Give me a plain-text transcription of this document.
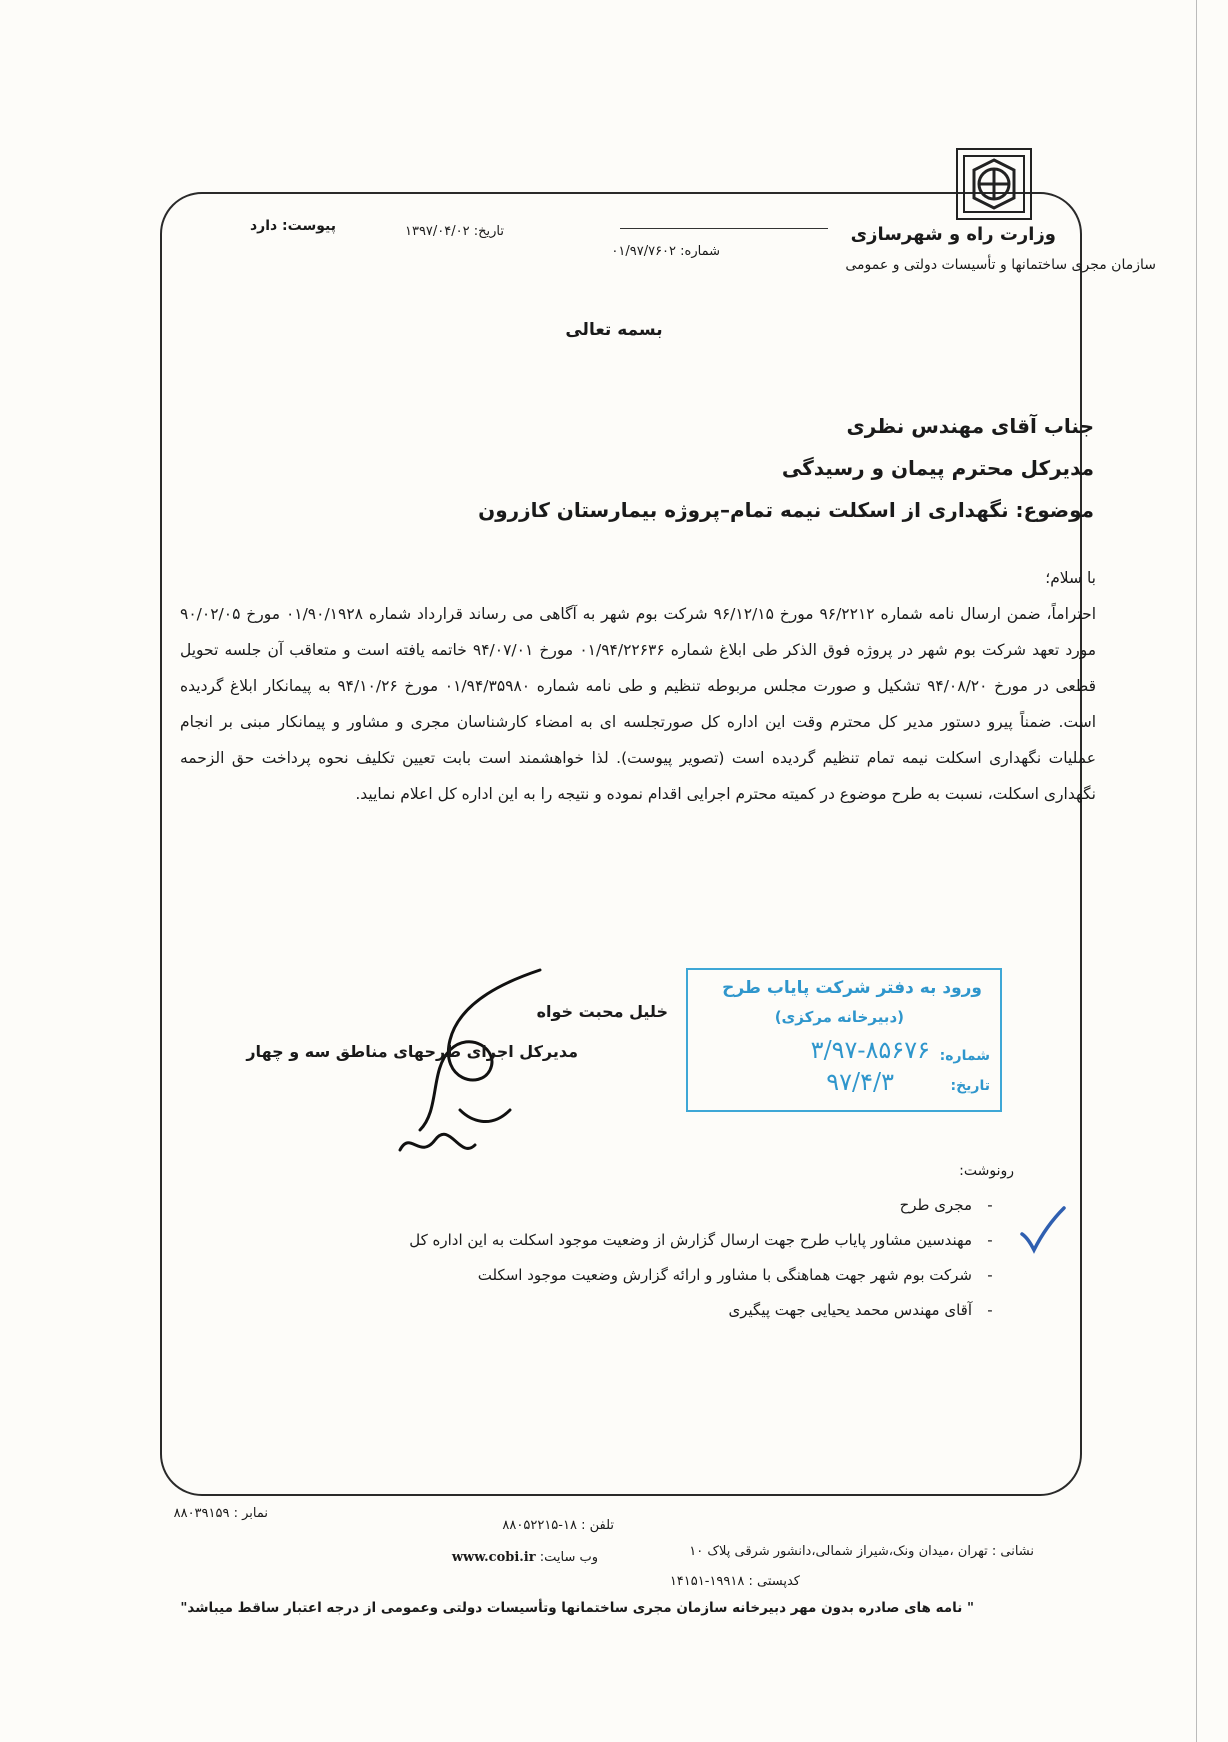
وزارت راه و شهرسازی
سازمان مجری ساختمانها و تأسیسات دولتی و عمومی
شماره: ۰۱/۹۷/۷۶۰۲
تاریخ: ۱۳۹۷/۰۴/۰۲
پیوست: دارد
بسمه تعالی
جناب آقای مهندس نظری
مدیرکل محترم پیمان و رسیدگی
موضوع: نگهداری از اسکلت نیمه تمام–پروژه بیمارستان کازرون

با سلام؛

احتراماً، ضمن ارسال نامه شماره ۹۶/۲۲۱۲ مورخ ۹۶/۱۲/۱۵ شرکت بوم شهر به آگاهی می رساند قرارداد شماره ۰۱/۹۰/۱۹۲۸ مورخ ۹۰/۰۲/۰۵ مورد تعهد شرکت بوم شهر در پروژه فوق الذکر طی ابلاغ شماره ۰۱/۹۴/۲۲۶۳۶ مورخ ۹۴/۰۷/۰۱ خاتمه یافته است و متعاقب آن جلسه تحویل قطعی در مورخ ۹۴/۰۸/۲۰ تشکیل و صورت مجلس مربوطه تنظیم و طی نامه شماره ۰۱/۹۴/۳۵۹۸۰ مورخ ۹۴/۱۰/۲۶ به پیمانکار ابلاغ گردیده است. ضمناً پیرو دستور مدیر کل محترم وقت این اداره کل صورتجلسه ای به امضاء کارشناسان مجری و مشاور و پیمانکار مبنی بر انجام عملیات نگهداری اسکلت نیمه تمام تنظیم گردیده است (تصویر پیوست). لذا خواهشمند است بابت تعیین تکلیف نحوه پرداخت حق الزحمه نگهداری اسکلت، نسبت به طرح موضوع در کمیته محترم اجرایی اقدام نموده و نتیجه را به این اداره کل اعلام نمایید.

خلیل محبت خواه
مدیرکل اجرای طرحهای مناطق سه و چهار
ورود به دفتر شرکت پایاب طرح
(دبیرخانه مرکزی)
شماره:
۳/۹۷-۸۵۶۷۶
تاریخ:
۹۷/۴/۳
رونوشت:
-مجری طرح
-مهندسین مشاور پایاب طرح جهت ارسال گزارش از وضعیت موجود اسکلت به این اداره کل
-شرکت بوم شهر جهت هماهنگی با مشاور و ارائه گزارش وضعیت موجود اسکلت
-آقای مهندس محمد یحیایی جهت پیگیری
نشانی : تهران ،میدان ونک،شیراز شمالی،دانشور شرقی پلاک ۱۰
کدپستی : ۱۹۹۱۸-۱۴۱۵۱
تلفن : ۱۸-۸۸۰۵۲۲۱۵
وب سایت: www.cobi.ir
نمابر : ۸۸۰۳۹۱۵۹
" نامه های صادره بدون مهر دبیرخانه سازمان مجری ساختمانها وتأسیسات دولتی وعمومی از درجه اعتبار ساقط میباشد"
